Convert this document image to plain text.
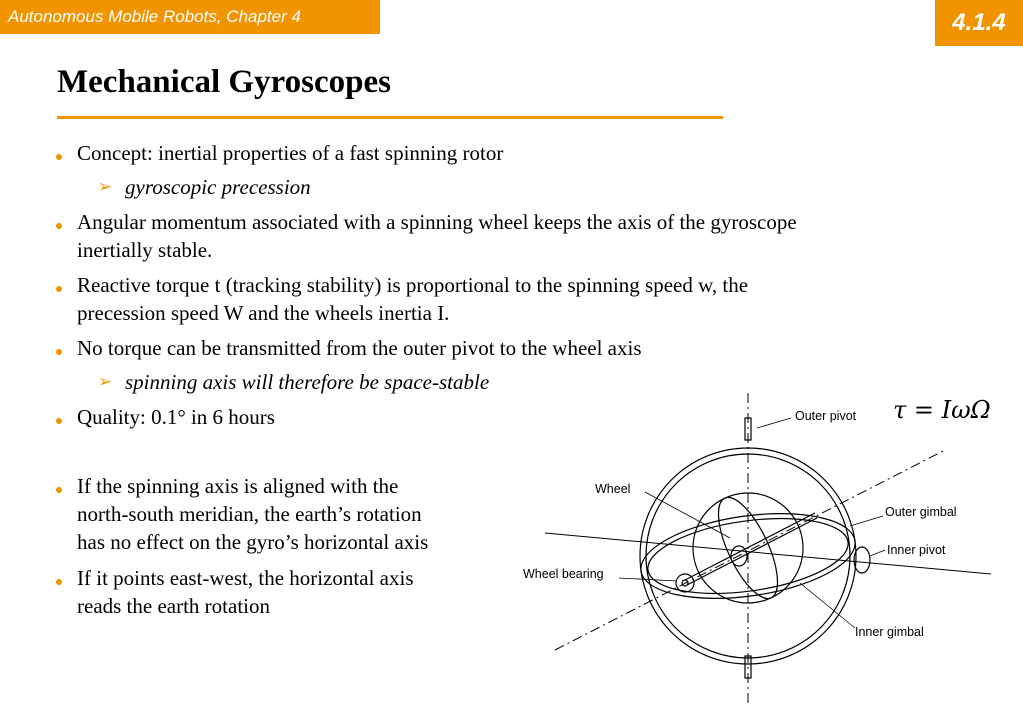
Autonomous Mobile Robots, Chapter 4	4.1.4
Mechanical Gyroscopes
Concept: inertial properties of a fast spinning rotor
➢ gyroscopic precession
Angular momentum associated with a spinning wheel keeps the axis of the gyroscope
inertially stable.
Reactive torque t (tracking stability) is proportional to the spinning speed w, the
precession speed W and the wheels inertia I.
No torque can be transmitted from the outer pivot to the wheel axis
➢ spinning axis will therefore be space-stable
Quality: 0.1° in 6 hours
If the spinning axis is aligned with the
north-south meridian, the earth’s rotation
has no effect on the gyro’s horizontal axis
If it points east-west, the horizontal axis
reads the earth rotation
τ = IωΩ
Outer pivot
Wheel
Outer gimbal
Inner pivot
Wheel bearing
Inner gimbal
